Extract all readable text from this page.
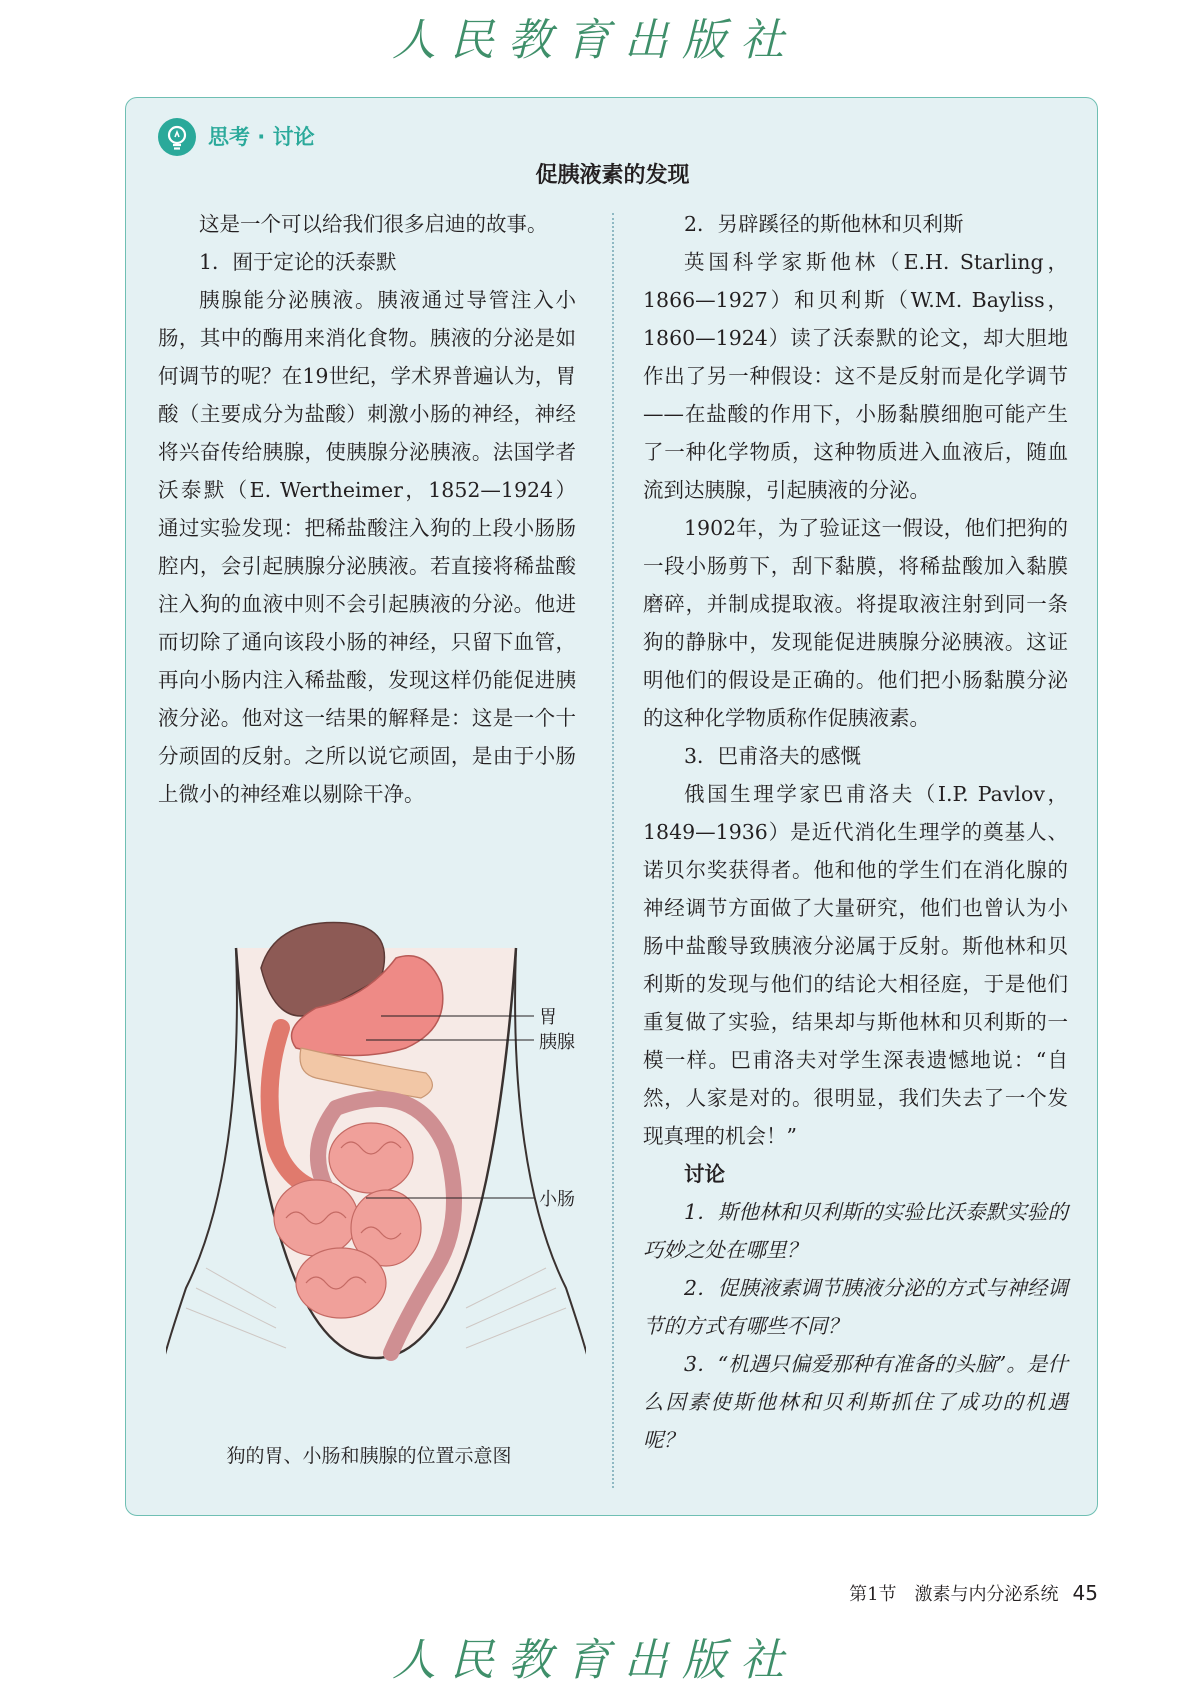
人民教育出版社
思考 · 讨论
促胰液素的发现

这是一个可以给我们很多启迪的故事。

1．囿于定论的沃泰默

胰腺能分泌胰液。胰液通过导管注入小肠，其中的酶用来消化食物。胰液的分泌是如何调节的呢？在19世纪，学术界普遍认为，胃酸（主要成分为盐酸）刺激小肠的神经，神经将兴奋传给胰腺，使胰腺分泌胰液。法国学者沃泰默（E. Wertheimer，1852—1924）通过实验发现：把稀盐酸注入狗的上段小肠肠腔内，会引起胰腺分泌胰液。若直接将稀盐酸注入狗的血液中则不会引起胰液的分泌。他进而切除了通向该段小肠的神经，只留下血管，再向小肠内注入稀盐酸，发现这样仍能促进胰液分泌。他对这一结果的解释是：这是一个十分顽固的反射。之所以说它顽固，是由于小肠上微小的神经难以剔除干净。

胃
胰腺
小肠
狗的胃、小肠和胰腺的位置示意图

2．另辟蹊径的斯他林和贝利斯

英国科学家斯他林（E.H. Starling，1866—1927）和贝利斯（W.M. Bayliss，1860—1924）读了沃泰默的论文，却大胆地作出了另一种假设：这不是反射而是化学调节——在盐酸的作用下，小肠黏膜细胞可能产生了一种化学物质，这种物质进入血液后，随血流到达胰腺，引起胰液的分泌。

1902年，为了验证这一假设，他们把狗的一段小肠剪下，刮下黏膜，将稀盐酸加入黏膜磨碎，并制成提取液。将提取液注射到同一条狗的静脉中，发现能促进胰腺分泌胰液。这证明他们的假设是正确的。他们把小肠黏膜分泌的这种化学物质称作促胰液素。

3．巴甫洛夫的感慨

俄国生理学家巴甫洛夫（I.P. Pavlov，1849—1936）是近代消化生理学的奠基人、诺贝尔奖获得者。他和他的学生们在消化腺的神经调节方面做了大量研究，他们也曾认为小肠中盐酸导致胰液分泌属于反射。斯他林和贝利斯的发现与他们的结论大相径庭，于是他们重复做了实验，结果却与斯他林和贝利斯的一模一样。巴甫洛夫对学生深表遗憾地说：“自然，人家是对的。很明显，我们失去了一个发现真理的机会！”

讨论

1．斯他林和贝利斯的实验比沃泰默实验的巧妙之处在哪里？

2．促胰液素调节胰液分泌的方式与神经调节的方式有哪些不同？

3．“机遇只偏爱那种有准备的头脑”。是什么因素使斯他林和贝利斯抓住了成功的机遇呢？

第1节　激素与内分泌系统 45
人民教育出版社
